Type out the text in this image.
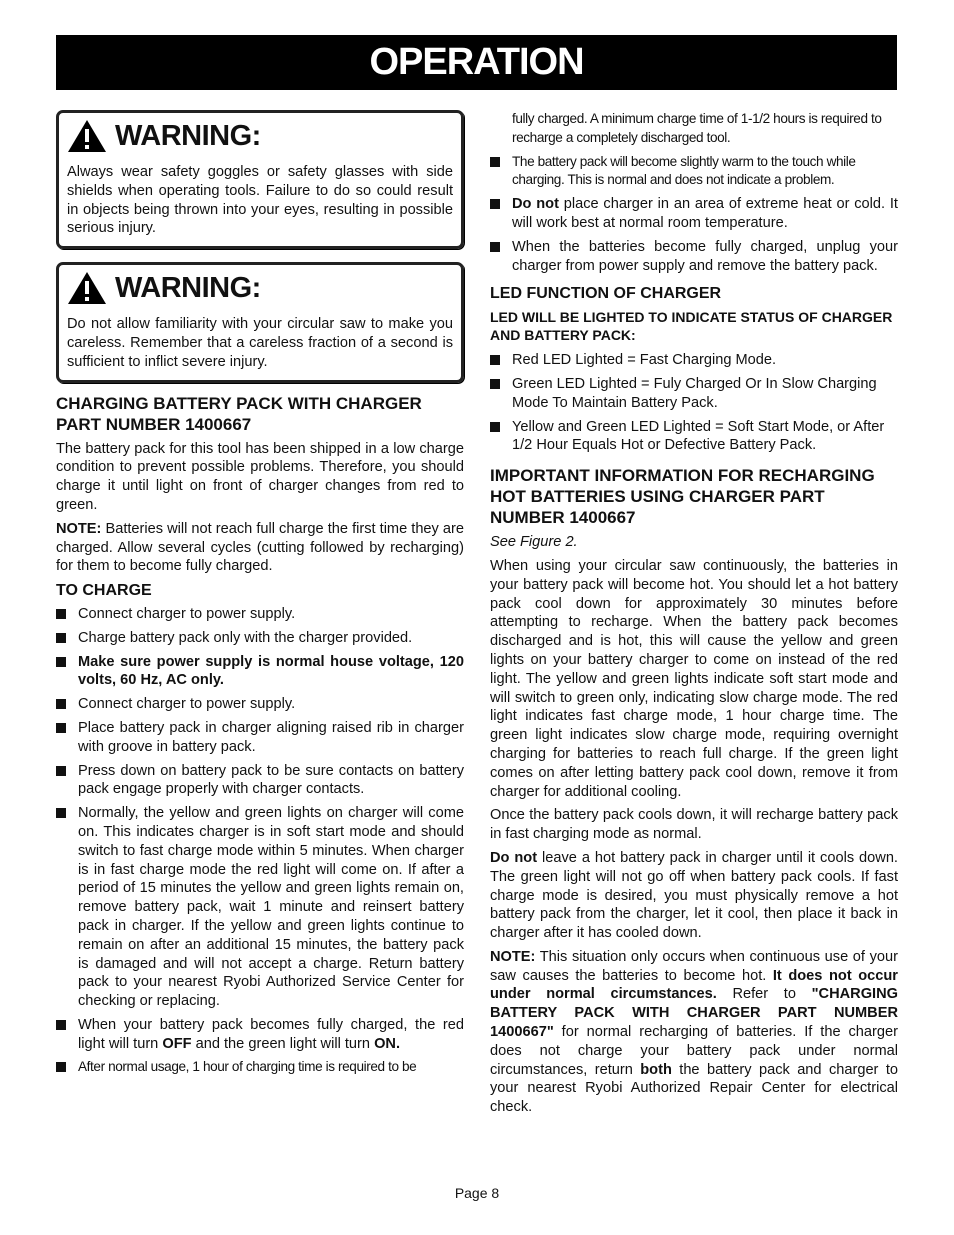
OPERATION
WARNING:

Always wear safety goggles or safety glasses with side shields when operating tools. Failure to do so could result in objects being thrown into your eyes, resulting in possible serious injury.

WARNING:

Do not allow familiarity with your circular saw to make you careless. Remember that a careless fraction of a second is sufficient to inflict severe injury.

CHARGING BATTERY PACK WITH CHARGER PART NUMBER 1400667

The battery pack for this tool has been shipped in a low charge condition to prevent possible problems. Therefore, you should charge it until light on front of charger changes from red to green.

NOTE: Batteries will not reach full charge the first time they are charged. Allow several cycles (cutting followed by recharging) for them to become fully charged.

TO CHARGE
Connect charger to power supply.
Charge battery pack only with the charger provided.
Make sure power supply is normal house voltage, 120 volts, 60 Hz, AC only.
Connect charger to power supply.
Place battery pack in charger aligning raised rib in charger with groove in battery pack.
Press down on battery pack to be sure contacts on battery pack engage properly with charger contacts.
Normally, the yellow and green lights on charger will come on. This indicates charger is in soft start mode and should switch to fast charge mode within 5 minutes. When charger is in fast charge mode the red light will come on. If after a period of 15 minutes the yellow and green lights remain on, remove battery pack, wait 1 minute and reinsert battery pack in charger. If the yellow and green lights continue to remain on after an additional 15 minutes, the battery pack is damaged and will not accept a charge. Return battery pack to your nearest Ryobi Authorized Service Center for checking or replacing.
When your battery pack becomes fully charged, the red light will turn OFF and the green light will turn ON.
After normal usage, 1 hour of charging time is required to be
fully charged. A minimum charge time of 1-1/2 hours is required to recharge a completely discharged tool.
The battery pack will become slightly warm to the touch while charging. This is normal and does not indicate a problem.
Do not place charger in an area of extreme heat or cold. It will work best at normal room temperature.
When the batteries become fully charged, unplug your charger from power supply and remove the battery pack.
LED FUNCTION OF CHARGER
LED WILL BE LIGHTED TO INDICATE STATUS OF CHARGER AND BATTERY PACK:
Red LED Lighted = Fast Charging Mode.
Green LED Lighted = Fuly Charged Or In Slow Charging Mode To Maintain Battery Pack.
Yellow and Green LED Lighted = Soft Start Mode, or After 1/2 Hour Equals Hot or Defective Battery Pack.
IMPORTANT INFORMATION FOR RECHARGING HOT BATTERIES USING CHARGER PART NUMBER 1400667

See Figure 2.

When using your circular saw continuously, the batteries in your battery pack will become hot. You should let a hot battery pack cool down for approximately 30 minutes before attempting to recharge. When the battery pack becomes discharged and is hot, this will cause the yellow and green lights on your battery charger to come on instead of the red light. The yellow and green lights indicate soft start mode and will switch to green only, indicating slow charge mode. The red light indicates fast charge mode, 1 hour charge time. The green light indicates slow charge mode, requiring overnight charging for batteries to reach full charge. If the green light comes on after letting battery pack cool down, remove it from charger for additional cooling.

Once the battery pack cools down, it will recharge battery pack in fast charging mode as normal.

Do not leave a hot battery pack in charger until it cools down. The green light will not go off when battery pack cools. If fast charge mode is desired, you must physically remove a hot battery pack from the charger, let it cool, then place it back in charger after it has cooled down.

NOTE: This situation only occurs when continuous use of your saw causes the batteries to become hot. It does not occur under normal circumstances. Refer to "CHARGING BATTERY PACK WITH CHARGER PART NUMBER 1400667" for normal recharging of batteries. If the charger does not charge your battery pack under normal circumstances, return both the battery pack and charger to your nearest Ryobi Authorized Repair Center for electrical check.

Page 8
